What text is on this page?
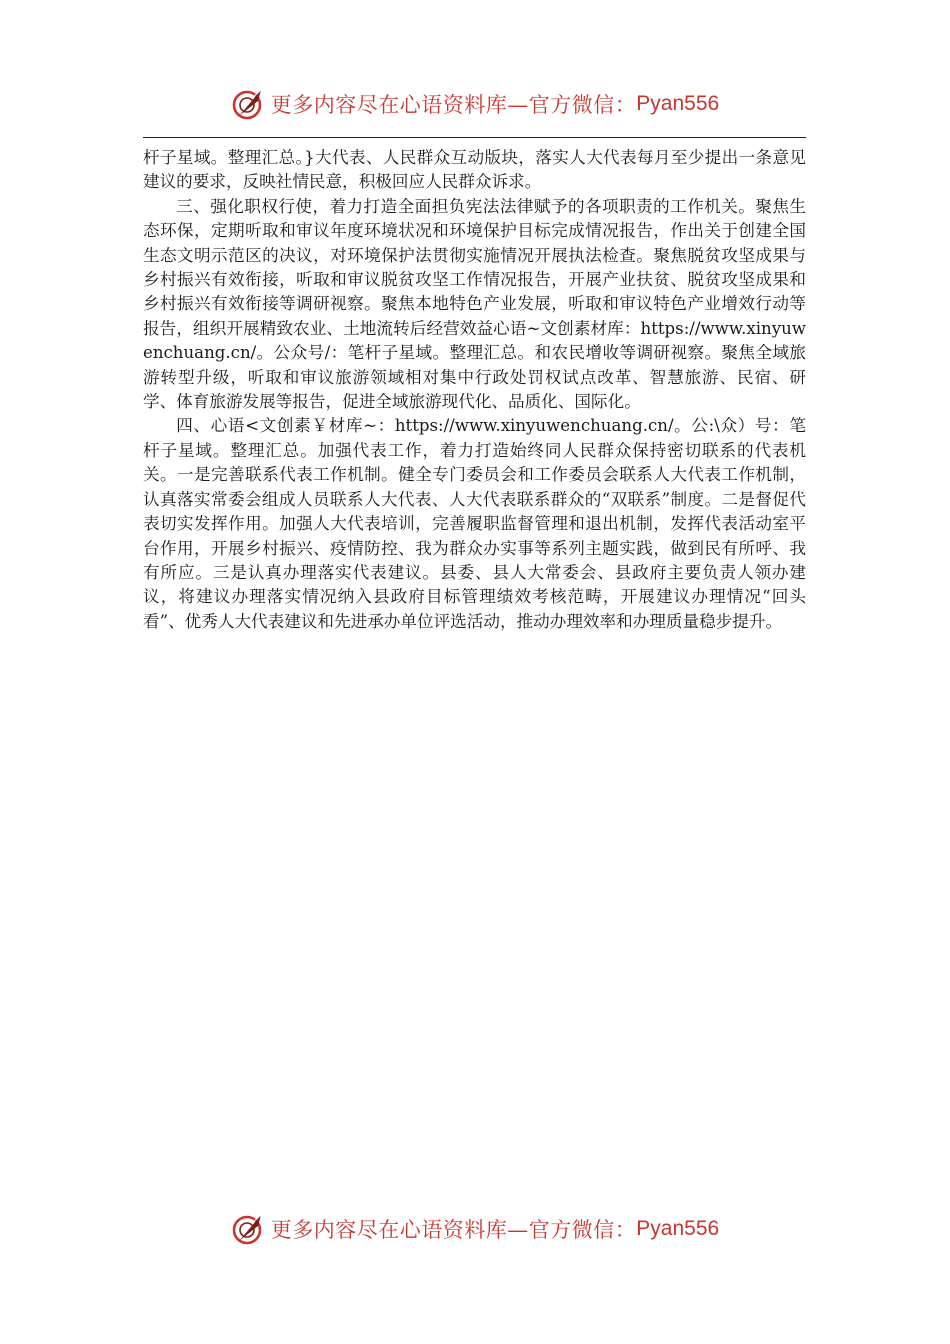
更多内容尽在心语资料库—官方微信： Pyan556

杆子星域。整理汇总。}大代表、人民群众互动版块，落实人大代表每月至少提出一条意见建议的要求，反映社情民意，积极回应人民群众诉求。

三、强化职权行使，着力打造全面担负宪法法律赋予的各项职责的工作机关。聚焦生态环保，定期听取和审议年度环境状况和环境保护目标完成情况报告，作出关于创建全国生态文明示范区的决议，对环境保护法贯彻实施情况开展执法检查。聚焦脱贫攻坚成果与乡村振兴有效衔接，听取和审议脱贫攻坚工作情况报告，开展产业扶贫、脱贫攻坚成果和乡村振兴有效衔接等调研视察。聚焦本地特色产业发展，听取和审议特色产业增效行动等报告，组织开展精致农业、土地流转后经营效益心语~文创素材库：https://www.xinyuwenchuang.cn/。公众号/：笔杆子星域。整理汇总。和农民增收等调研视察。聚焦全域旅游转型升级，听取和审议旅游领域相对集中行政处罚权试点改革、智慧旅游、民宿、研学、体育旅游发展等报告，促进全域旅游现代化、品质化、国际化。

四、心语<文创素￥材库~：https://www.xinyuwenchuang.cn/。公:\众）号：笔杆子星域。整理汇总。加强代表工作，着力打造始终同人民群众保持密切联系的代表机关。一是完善联系代表工作机制。健全专门委员会和工作委员会联系人大代表工作机制，认真落实常委会组成人员联系人大代表、人大代表联系群众的“双联系”制度。二是督促代表切实发挥作用。加强人大代表培训，完善履职监督管理和退出机制，发挥代表活动室平台作用，开展乡村振兴、疫情防控、我为群众办实事等系列主题实践，做到民有所呼、我有所应。三是认真办理落实代表建议。县委、县人大常委会、县政府主要负责人领办建议，将建议办理落实情况纳入县政府目标管理绩效考核范畴，开展建议办理情况“回头看”、优秀人大代表建议和先进承办单位评选活动，推动办理效率和办理质量稳步提升。

更多内容尽在心语资料库—官方微信： Pyan556
